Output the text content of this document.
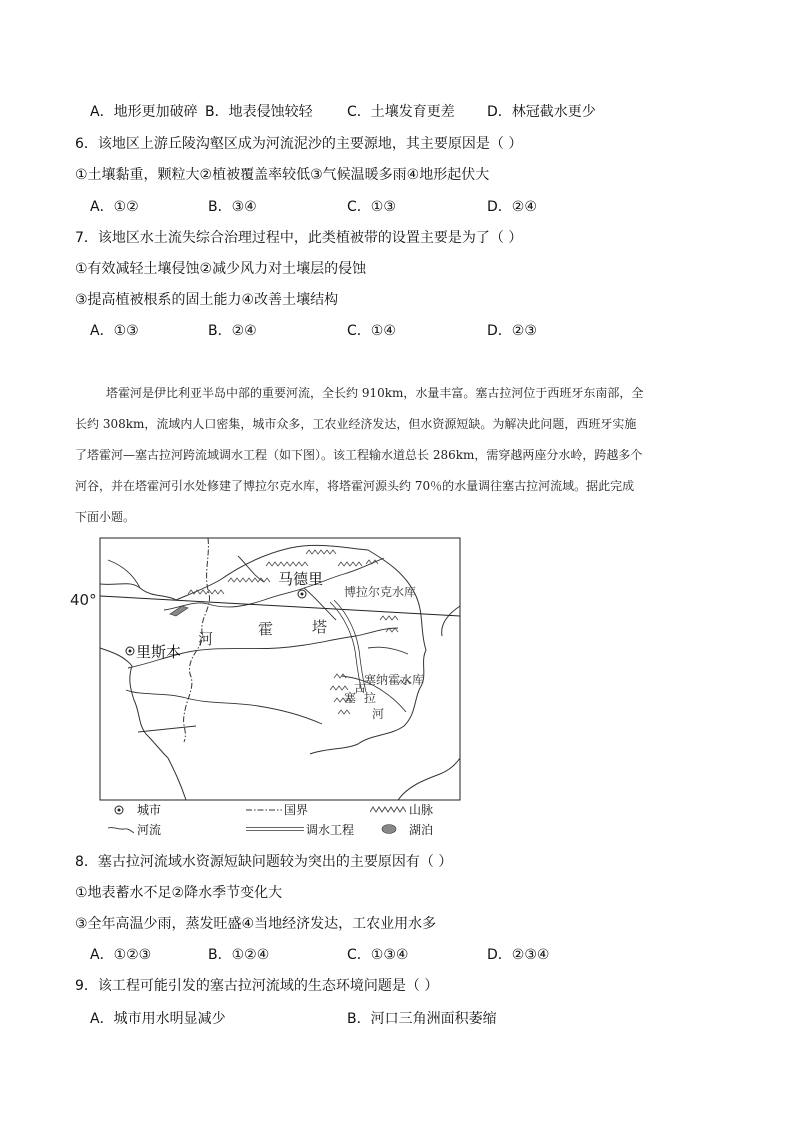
A．地形更加破碎 B．地表侵蚀较轻 C．土壤发育更差 D．林冠截水更少
6．该地区上游丘陵沟壑区成为河流泥沙的主要源地，其主要原因是（ ）
①土壤黏重，颗粒大②植被覆盖率较低③气候温暖多雨④地形起伏大
A．①②	B．③④	C．①③	D．②④
7．该地区水土流失综合治理过程中，此类植被带的设置主要是为了（ ）
①有效减轻土壤侵蚀②减少风力对土壤层的侵蚀
③提高植被根系的固土能力④改善土壤结构
A．①③	B．②④	C．①④	D．②③
塔霍河是伊比利亚半岛中部的重要河流，全长约 910km，水量丰富。塞古拉河位于西班牙东南部，全
长约 308km，流域内人口密集，城市众多，工农业经济发达，但水资源短缺。为解决此问题，西班牙实施
了塔霍河—塞古拉河跨流域调水工程（如下图）。该工程输水道总长 286km，需穿越两座分水岭，跨越多个
河谷，并在塔霍河引水处修建了博拉尔克水库，将塔霍河源头约 70％的水量调往塞古拉河流域。据此完成
下面小题。
40°
马德里
博拉尔克水库
里斯本
河
霍	塔
塞纳霍水库
塞
古
拉
河
城市	国界	山脉
河流	调水工程	湖泊
8．塞古拉河流域水资源短缺问题较为突出的主要原因有（ ）
①地表蓄水不足②降水季节变化大
③全年高温少雨，蒸发旺盛④当地经济发达，工农业用水多
A．①②③	B．①②④	C．①③④	D．②③④
9．该工程可能引发的塞古拉河流域的生态环境问题是（ ）
A．城市用水明显减少	B．河口三角洲面积萎缩
